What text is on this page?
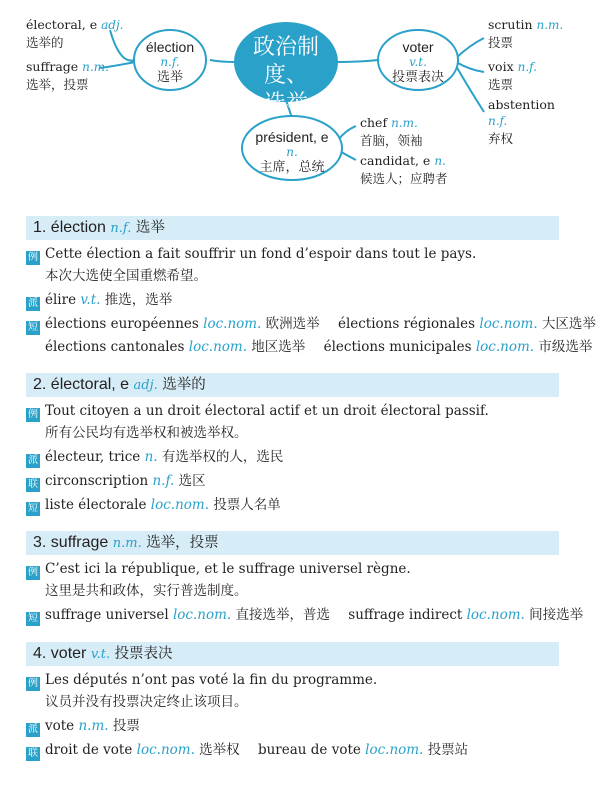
政治制度、
选举
élection
n.f.
选举
voter
v.t.
投票表决
président, e
n.
主席，总统
électoral, e adj.
选举的
suffrage n.m.
选举，投票
scrutin n.m.
投票
voix n.f.
选票
abstention
n.f.
弃权
chef n.m.
首脑，领袖
candidat, e n.
候选人；应聘者
1. élection n.f. 选举
例 Cette élection a fait souffrir un fond d’espoir dans tout le pays.
本次大选使全国重燃希望。
派 élire v.t. 推选，选举
短 élections européennes loc.nom. 欧洲选举 élections régionales loc.nom. 大区选举
élections cantonales loc.nom. 地区选举 élections municipales loc.nom. 市级选举
2. électoral, e adj. 选举的
例 Tout citoyen a un droit électoral actif et un droit électoral passif.
所有公民均有选举权和被选举权。
派 électeur, trice n. 有选举权的人，选民
联 circonscription n.f. 选区
短 liste électorale loc.nom. 投票人名单
3. suffrage n.m. 选举，投票
例 C’est ici la république, et le suffrage universel règne.
这里是共和政体，实行普选制度。
短 suffrage universel loc.nom. 直接选举，普选 suffrage indirect loc.nom. 间接选举
4. voter v.t. 投票表决
例 Les députés n’ont pas voté la fin du programme.
议员并没有投票决定终止该项目。
派 vote n.m. 投票
联 droit de vote loc.nom. 选举权 bureau de vote loc.nom. 投票站
